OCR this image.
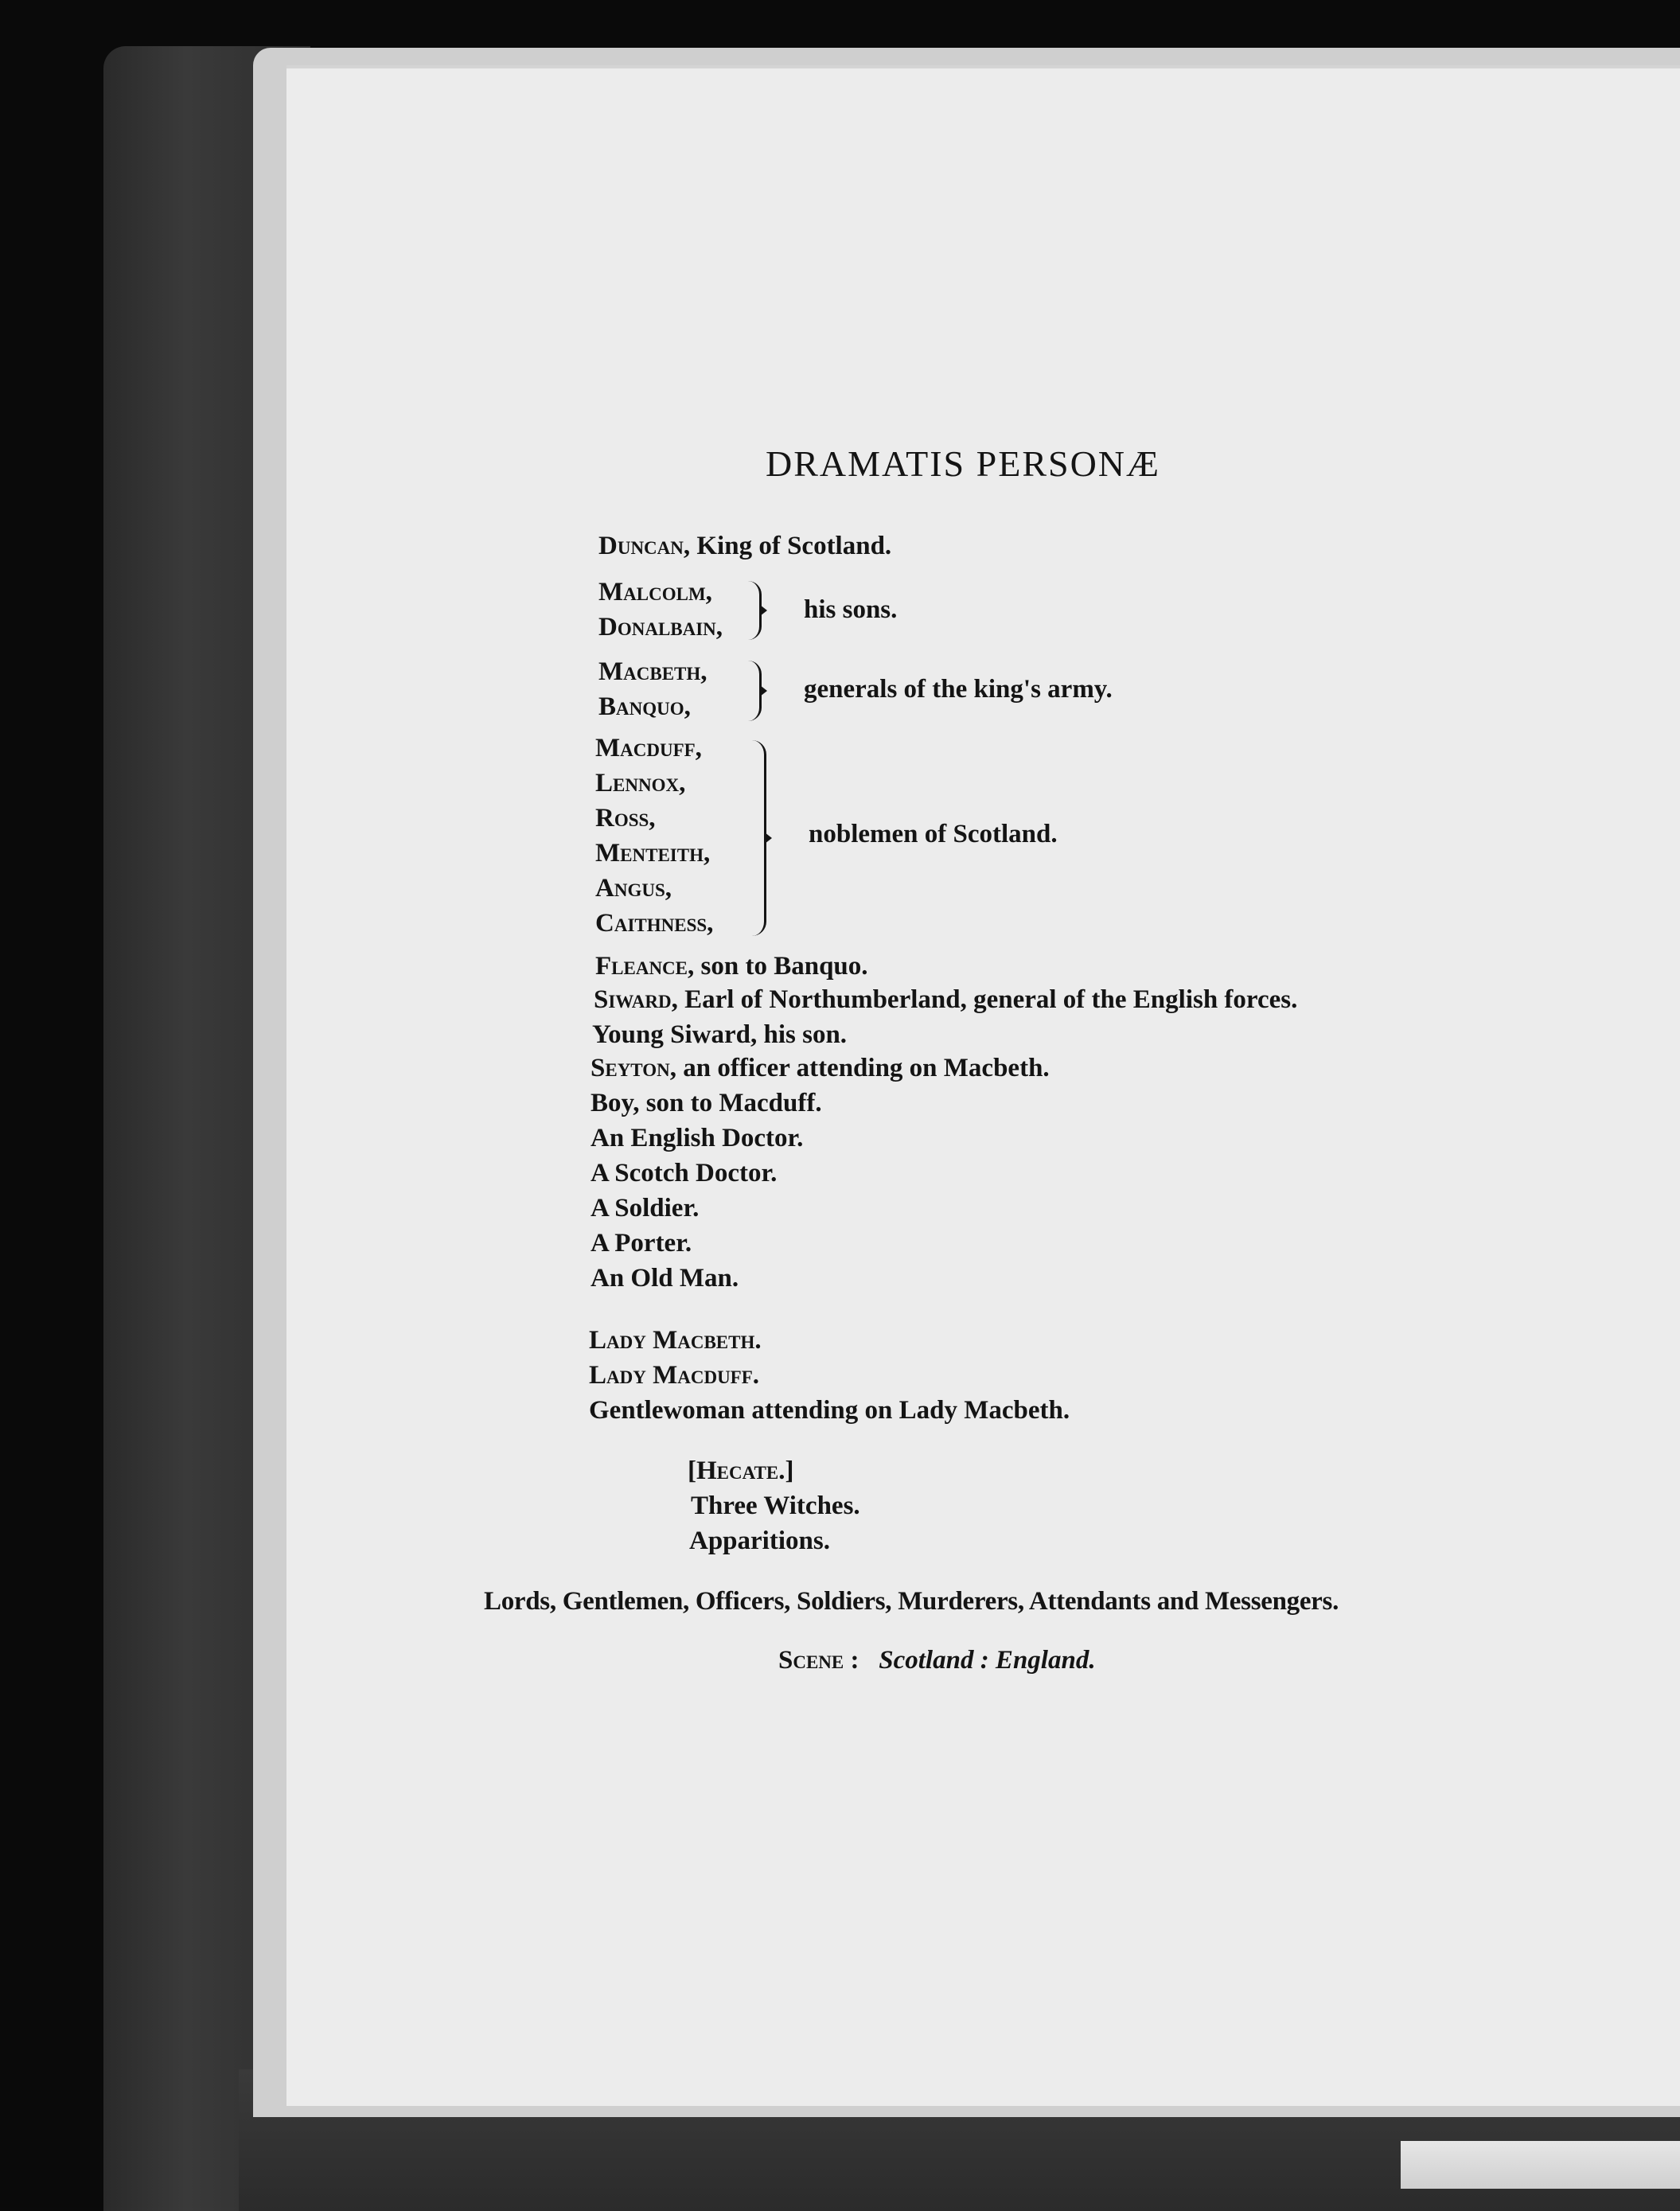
DRAMATIS PERSONÆ

Duncan, King of Scotland.

Malcolm,

Donalbain,

his sons.

Macbeth,

Banquo,

generals of the king's army.

Macduff,

Lennox,

Ross,

Menteith,

Angus,

Caithness,

noblemen of Scotland.

Fleance, son to Banquo.

Siward, Earl of Northumberland, general of the English forces.

Young Siward, his son.

Seyton, an officer attending on Macbeth.

Boy, son to Macduff.

An English Doctor.

A Scotch Doctor.

A Soldier.

A Porter.

An Old Man.

Lady Macbeth.

Lady Macduff.

Gentlewoman attending on Lady Macbeth.

[Hecate.]

Three Witches.

Apparitions.

Lords, Gentlemen, Officers, Soldiers, Murderers, Attendants and Messengers.

Scene : Scotland : England.
